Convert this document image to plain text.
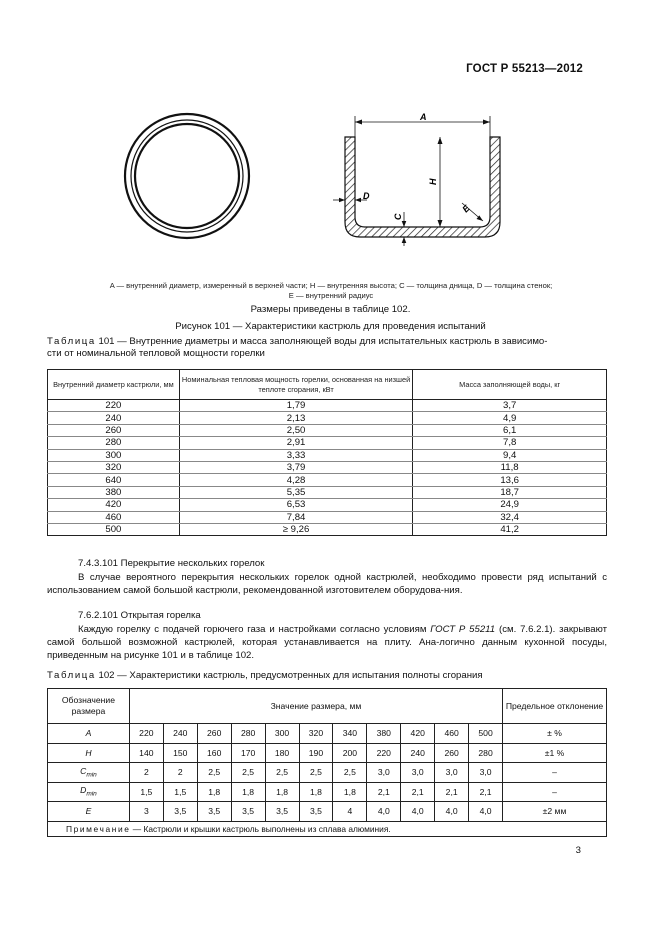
ГОСТ Р 55213—2012
A
H
D
C
E
A — внутренний диаметр, измеренный в верхней части; H — внутренняя высота; C — толщина днища, D — толщина стенок;
E — внутренний радиус
Размеры приведены в таблице 102.
Рисунок 101 — Характеристики кастрюль для проведения испытаний
Таблица 101 — Внутренние диаметры и масса заполняющей воды для испытательных кастрюль в зависимо-
сти от номинальной тепловой мощности горелки
Внутренний диаметр кастрюли, мм	Номинальная тепловая мощность горелки, основанная на низшей теплоте сгорания, кВт	Масса заполняющей воды, кг
220	1,79	3,7
240	2,13	4,9
260	2,50	6,1
280	2,91	7,8
300	3,33	9,4
320	3,79	11,8
640	4,28	13,6
380	5,35	18,7
420	6,53	24,9
460	7,84	32,4
500	≥ 9,26	41,2
7.4.3.101 Перекрытие нескольких горелок
В случае вероятного перекрытия нескольких горелок одной кастрюлей, необходимо провести ряд испытаний с использованием самой большой кастрюли, рекомендованной изготовителем оборудова-ния.
7.6.2.101 Открытая горелка
Каждую горелку с подачей горючего газа и настройками согласно условиям ГОСТ Р 55211 (см. 7.6.2.1). закрывают самой большой возможной кастрюлей, которая устанавливается на плиту. Ана-логично данным кухонной посуды, приведенным на рисунке 101 и в таблице 102.
Таблица 102 — Характеристики кастрюль, предусмотренных для испытания полноты сгорания
Обозначение размера	Значение размера, мм											Предельное отклонение
A	220	240	260	280	300	320	340	380	420	460	500	± %
H	140	150	160	170	180	190	200	220	240	260	280	±1 %
$C_{min}$	2	2	2,5	2,5	2,5	2,5	2,5	3,0	3,0	3,0	3,0	–
$D_{min}$	1,5	1,5	1,8	1,8	1,8	1,8	1,8	2,1	2,1	2,1	2,1	–
E	3	3,5	3,5	3,5	3,5	3,5	4	4,0	4,0	4,0	4,0	±2 мм
Примечание — Кастрюли и крышки кастрюль выполнены из сплава алюминия.												
3
